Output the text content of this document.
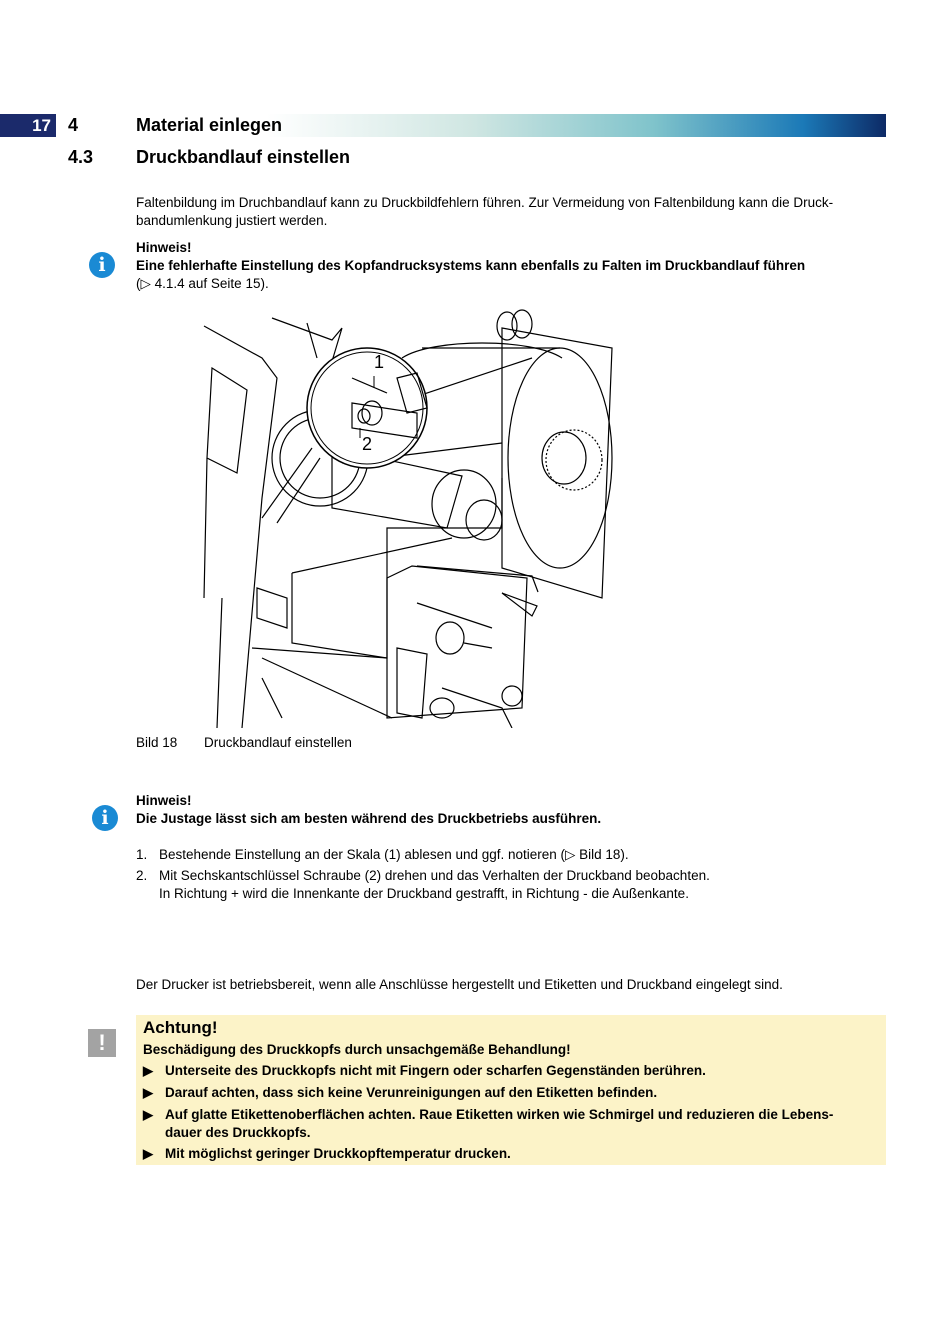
17 4	Material einlegen
4.3 Druckbandlauf einstellen
Faltenbildung im Druchbandlauf kann zu Druckbildfehlern führen. Zur Vermeidung von Faltenbildung kann die Druck-
bandumlenkung justiert werden.
i
Hinweis!
Eine fehlerhafte Einstellung des Kopfandrucksystems kann ebenfalls zu Falten im Druckbandlauf führen
(▷ 4.1.4 auf Seite 15).
1
2
Bild 18 Druckbandlauf einstellen
i
Hinweis!
Die Justage lässt sich am besten während des Druckbetriebs ausführen.
1. Bestehende Einstellung an der Skala (1) ablesen und ggf. notieren (▷ Bild 18).
2. Mit Sechskantschlüssel Schraube (2) drehen und das Verhalten der Druckband beobachten.
In Richtung + wird die Innenkante der Druckband gestrafft, in Richtung - die Außenkante.
Der Drucker ist betriebsbereit, wenn alle Anschlüsse hergestellt und Etiketten und Druckband eingelegt sind.
!
Achtung!
Beschädigung des Druckkopfs durch unsachgemäße Behandlung!
▶ Unterseite des Druckkopfs nicht mit Fingern oder scharfen Gegenständen berühren.
▶ Darauf achten, dass sich keine Verunreinigungen auf den Etiketten befinden.
▶ Auf glatte Etikettenoberflächen achten. Raue Etiketten wirken wie Schmirgel und reduzieren die Lebens-
dauer des Druckkopfs.
▶ Mit möglichst geringer Druckkopftemperatur drucken.
